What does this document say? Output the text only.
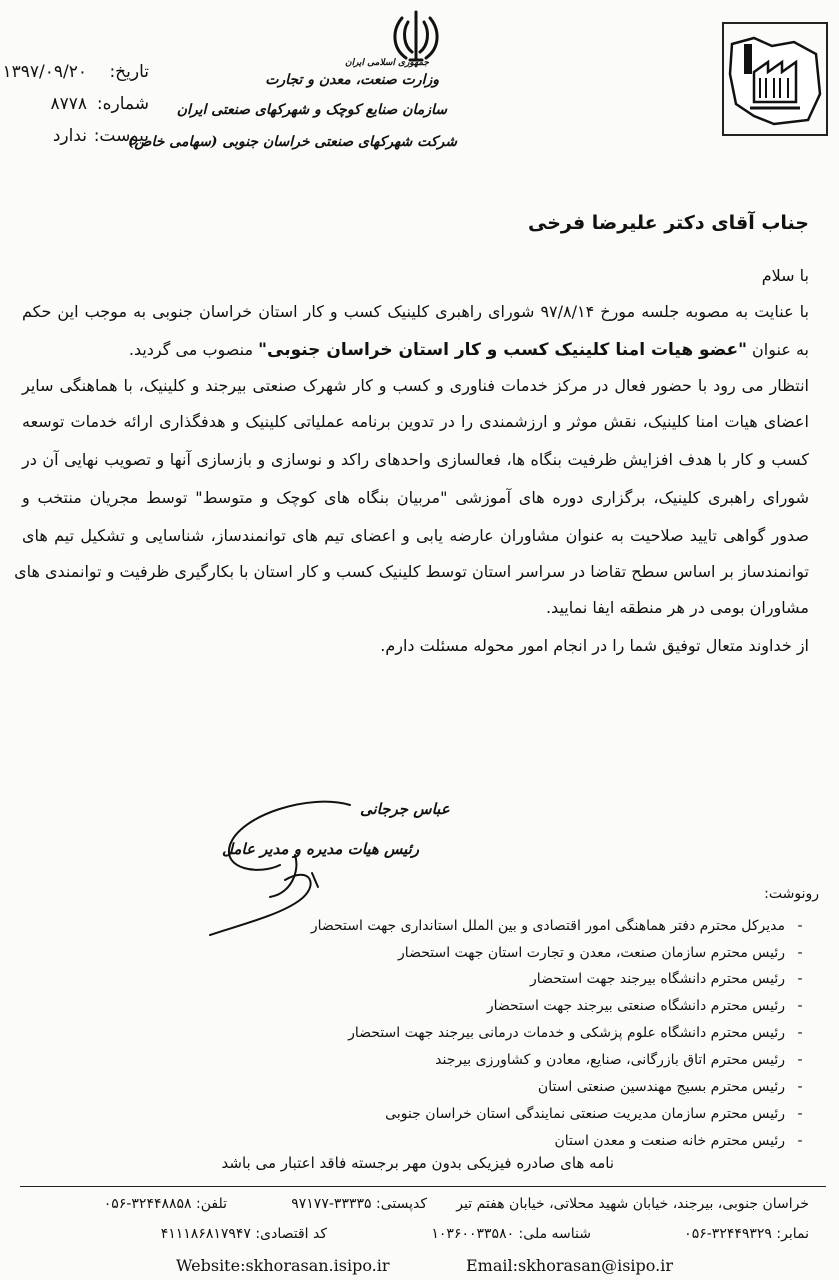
جمهوری اسلامی ایران
وزارت صنعت، معدن و تجارت
سازمان صنایع کوچک و شهرکهای صنعتی ایران
شرکت شهرکهای صنعتی خراسان جنوبی (سهامی خاص)
تاریخ:
شماره:
پیوست:
۱۳۹۷/۰۹/۲۰
۸۷۷۸
ندارد
جناب آقای دکتر علیرضا فرخی
با سلام
با عنایت به مصوبه جلسه مورخ ۹۷/۸/۱۴ شورای راهبری کلینیک کسب و کار استان خراسان جنوبی به موجب این حکم
به عنوان "عضو هیات امنا کلینیک کسب و کار استان خراسان جنوبی" منصوب می گردید.
انتظار می رود با حضور فعال در مرکز خدمات فناوری و کسب و کار شهرک صنعتی بیرجند و کلینیک، با هماهنگی سایر
اعضای هیات امنا کلینیک، نقش موثر و ارزشمندی را در تدوین برنامه عملیاتی کلینیک و هدفگذاری ارائه خدمات توسعه
کسب و کار با هدف افزایش ظرفیت بنگاه ها، فعالسازی واحدهای راکد و نوسازی و بازسازی آنها و تصویب نهایی آن در
شورای راهبری کلینیک، برگزاری دوره های آموزشی "مربیان بنگاه های کوچک و متوسط" توسط مجریان منتخب و
صدور گواهی تایید صلاحیت به عنوان مشاوران عارضه یابی و اعضای تیم های توانمندساز، شناسایی و تشکیل تیم های
توانمندساز بر اساس سطح تقاضا در سراسر استان توسط کلینیک کسب و کار استان با بکارگیری ظرفیت و توانمندی های
مشاوران بومی در هر منطقه ایفا نمایید.
از خداوند متعال توفیق شما را در انجام امور محوله مسئلت دارم.
عباس جرجانی
رئیس هیات مدیره و مدیر عامل
رونوشت:
-مدیرکل محترم دفتر هماهنگی امور اقتصادی و بین الملل استانداری جهت استحضار
-رئیس محترم سازمان صنعت، معدن و تجارت استان جهت استحضار
-رئیس محترم دانشگاه بیرجند جهت استحضار
-رئیس محترم دانشگاه صنعتی بیرجند جهت استحضار
-رئیس محترم دانشگاه علوم پزشکی و خدمات درمانی بیرجند جهت استحضار
-رئیس محترم اتاق بازرگانی، صنایع، معادن و کشاورزی بیرجند
-رئیس محترم بسیج مهندسین صنعتی استان
-رئیس محترم سازمان مدیریت صنعتی نمایندگی استان خراسان جنوبی
-رئیس محترم خانه صنعت و معدن استان
نامه های صادره فیزیکی بدون مهر برجسته فاقد اعتبار می باشد
خراسان جنوبی، بیرجند، خیابان شهید محلاتی، خیابان هفتم تیر
کدپستی: ۳۳۳۳۵-۹۷۱۷۷
تلفن: ۳۲۴۴۸۸۵۸-۰۵۶
نمابر: ۳۲۴۴۹۳۲۹-۰۵۶
شناسه ملی: ۱۰۳۶۰۰۳۳۵۸۰
کد اقتصادی: ۴۱۱۱۸۶۸۱۷۹۴۷
Website:skhorasan.isipo.ir	Email:skhorasan@isipo.ir
